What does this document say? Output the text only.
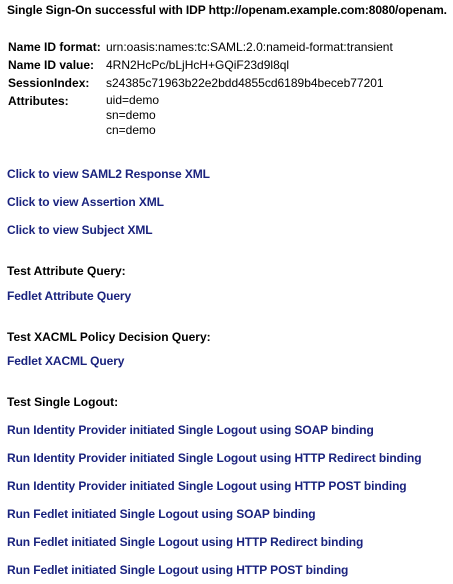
Single Sign-On successful with IDP http://openam.example.com:8080/openam.
Name ID format: urn:oasis:names:tc:SAML:2.0:nameid-format:transient
Name ID value: 4RN2HcPc/bLjHcH+GQiF23d9l8ql
SessionIndex:	s24385c71963b22e2bdd4855cd6189b4beceb77201
Attributes:	uid=demo
sn=demo
cn=demo
Click to view SAML2 Response XML
Click to view Assertion XML
Click to view Subject XML
Test Attribute Query:
Fedlet Attribute Query
Test XACML Policy Decision Query:
Fedlet XACML Query
Test Single Logout:
Run Identity Provider initiated Single Logout using SOAP binding
Run Identity Provider initiated Single Logout using HTTP Redirect binding
Run Identity Provider initiated Single Logout using HTTP POST binding
Run Fedlet initiated Single Logout using SOAP binding
Run Fedlet initiated Single Logout using HTTP Redirect binding
Run Fedlet initiated Single Logout using HTTP POST binding
